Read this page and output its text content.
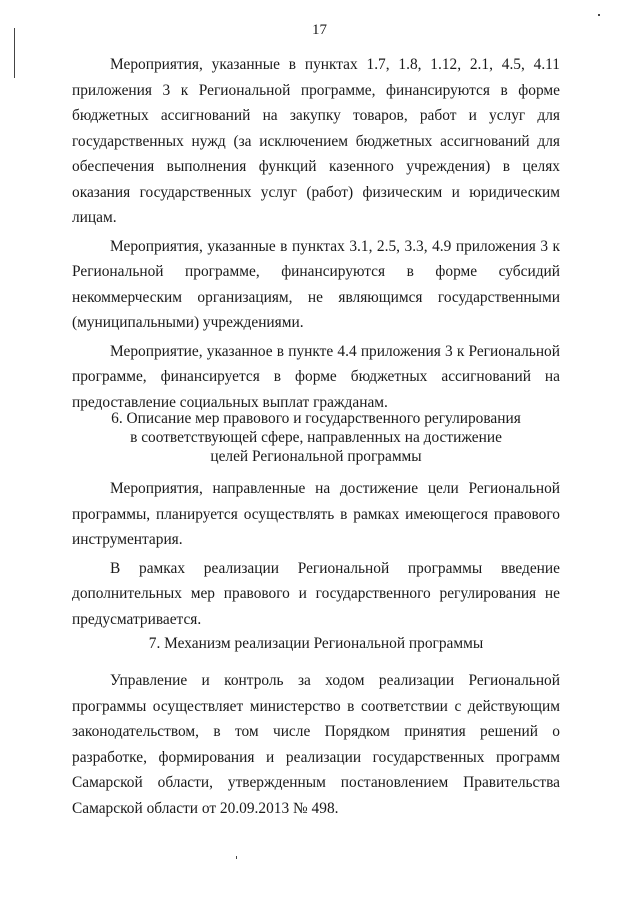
17

Мероприятия, указанные в пунктах 1.7, 1.8, 1.12, 2.1, 4.5, 4.11 приложения 3 к Региональной программе, финансируются в форме бюджетных ассигнований на закупку товаров, работ и услуг для государственных нужд (за исключением бюджетных ассигнований для обеспечения выполнения функций казенного учреждения) в целях оказания государственных услуг (работ) физическим и юридическим лицам.

Мероприятия, указанные в пунктах 3.1, 2.5, 3.3, 4.9 приложения 3 к Региональной программе, финансируются в форме субсидий некоммерческим организациям, не являющимся государственными (муниципальными) учреждениями.

Мероприятие, указанное в пункте 4.4 приложения 3 к Региональной программе, финансируется в форме бюджетных ассигнований на предоставление социальных выплат гражданам.

6. Описание мер правового и государственного регулирования

в соответствующей сфере, направленных на достижение

целей Региональной программы

Мероприятия, направленные на достижение цели Региональной программы, планируется осуществлять в рамках имеющегося правового инструментария.

В рамках реализации Региональной программы введение дополнительных мер правового и государственного регулирования не предусматривается.

7. Механизм реализации Региональной программы

Управление и контроль за ходом реализации Региональной программы осуществляет министерство в соответствии с действующим законодательством, в том числе Порядком принятия решений о разработке, формирования и реализации государственных программ Самарской области, утвержденным постановлением Правительства Самарской области от 20.09.2013 № 498.
